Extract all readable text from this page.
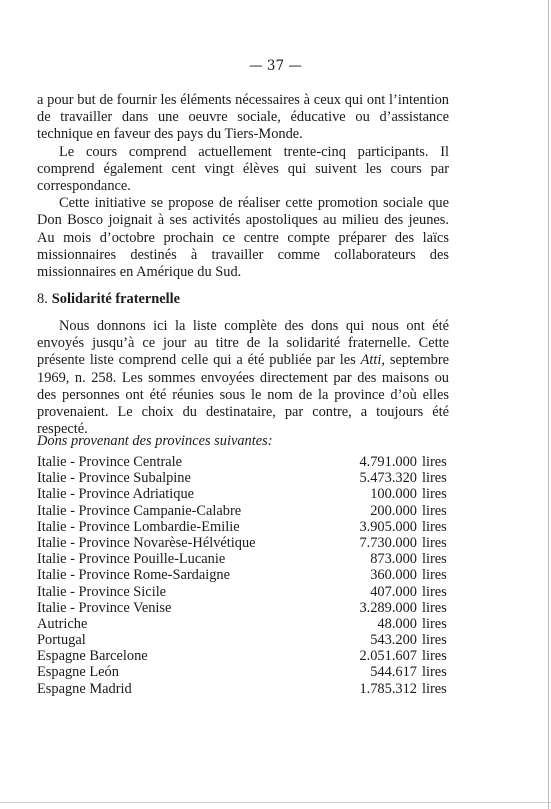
— 37 —

a pour but de fournir les éléments nécessaires à ceux qui ont l’intention de travailler dans une oeuvre sociale, éducative ou d’assistance technique en faveur des pays du Tiers-Monde.

Le cours comprend actuellement trente-cinq participants. Il comprend également cent vingt élèves qui suivent les cours par correspondance.

Cette initiative se propose de réaliser cette promotion sociale que Don Bosco joignait à ses activités apostoliques au milieu des jeunes. Au mois d’octobre prochain ce centre compte préparer des laïcs missionnaires destinés à travailler comme collaborateurs des missionnaires en Amérique du Sud.

8. Solidarité fraternelle

Nous donnons ici la liste complète des dons qui nous ont été envoyés jusqu’à ce jour au titre de la solidarité fraternelle. Cette présente liste comprend celle qui a été publiée par les Atti, septembre 1969, n. 258. Les sommes envoyées directement par des maisons ou des personnes ont été réunies sous le nom de la province d’où elles provenaient. Le choix du destinataire, par contre, a toujours été respecté.

Dons provenant des provinces suivantes:
Italie - Province Centrale	4.791.000 lires
Italie - Province Subalpine	5.473.320 lires
Italie - Province Adriatique	100.000 lires
Italie - Province Campanie-Calabre	200.000 lires
Italie - Province Lombardie-Emilie	3.905.000 lires
Italie - Province Novarèse-Hélvétique	7.730.000 lires
Italie - Province Pouille-Lucanie	873.000 lires
Italie - Province Rome-Sardaigne	360.000 lires
Italie - Province Sicile	407.000 lires
Italie - Province Venise	3.289.000 lires
Autriche	48.000 lires
Portugal	543.200 lires
Espagne Barcelone	2.051.607 lires
Espagne León	544.617 lires
Espagne Madrid	1.785.312 lires
